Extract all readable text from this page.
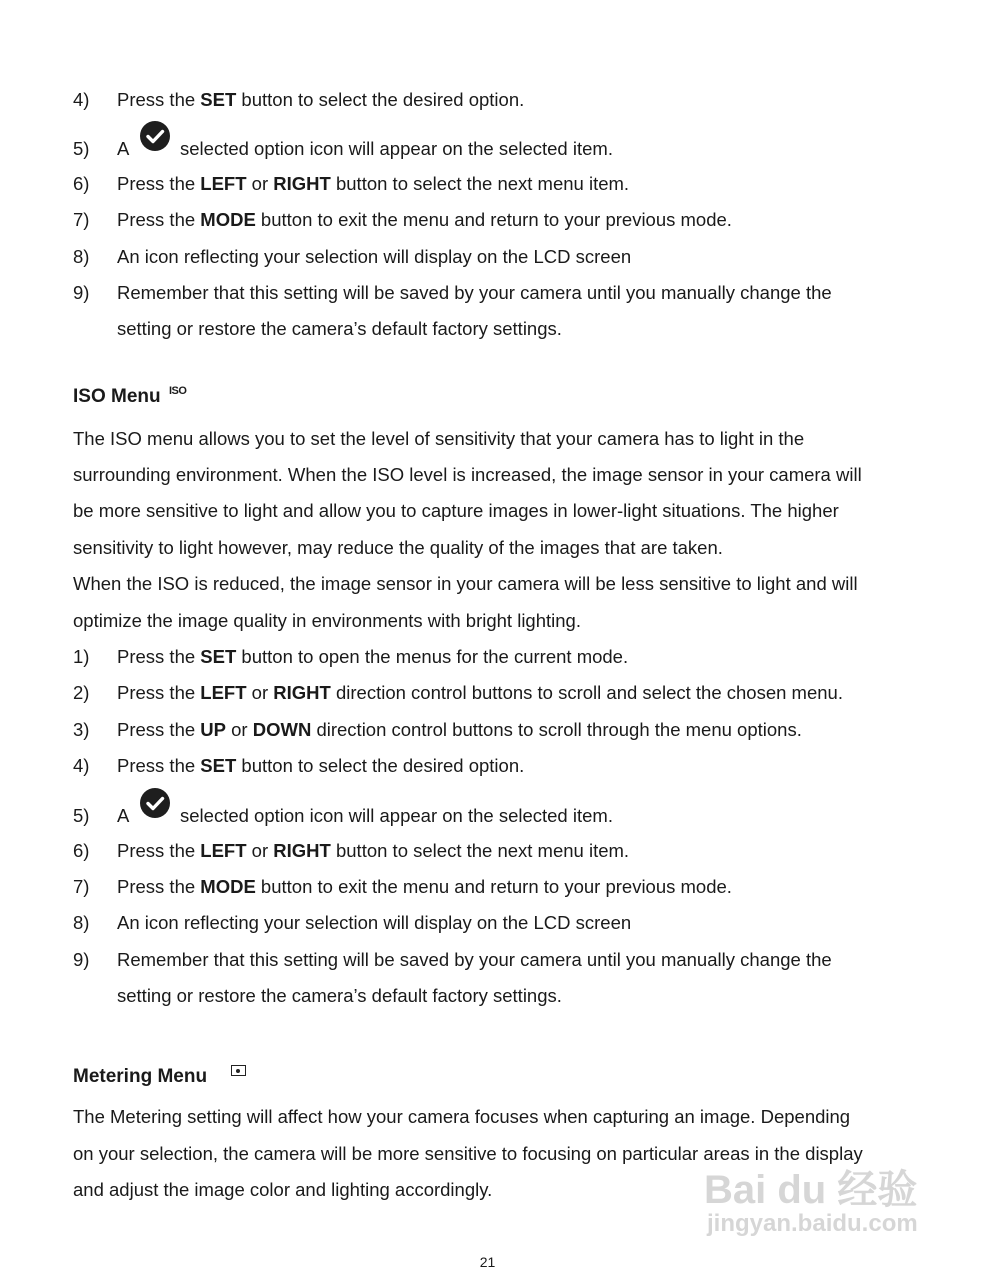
4) Press the SET button to select the desired option.
5) A	selected option icon will appear on the selected item.
6) Press the LEFT or RIGHT button to select the next menu item.
7) Press the MODE button to exit the menu and return to your previous mode.
8) An icon reflecting your selection will display on the LCD screen
9) Remember that this setting will be saved by your camera until you manually change the
setting or restore the camera’s default factory settings.
ISO Menu ISO
The ISO menu allows you to set the level of sensitivity that your camera has to light in the
surrounding environment. When the ISO level is increased, the image sensor in your camera will
be more sensitive to light and allow you to capture images in lower-light situations. The higher
sensitivity to light however, may reduce the quality of the images that are taken.
When the ISO is reduced, the image sensor in your camera will be less sensitive to light and will
optimize the image quality in environments with bright lighting.
1) Press the SET button to open the menus for the current mode.
2) Press the LEFT or RIGHT direction control buttons to scroll and select the chosen menu.
3) Press the UP or DOWN direction control buttons to scroll through the menu options.
4) Press the SET button to select the desired option.
5) A	selected option icon will appear on the selected item.
6) Press the LEFT or RIGHT button to select the next menu item.
7) Press the MODE button to exit the menu and return to your previous mode.
8) An icon reflecting your selection will display on the LCD screen
9) Remember that this setting will be saved by your camera until you manually change the
setting or restore the camera’s default factory settings.
Metering Menu
The Metering setting will affect how your camera focuses when capturing an image. Depending
on your selection, the camera will be more sensitive to focusing on particular areas in the display
and adjust the image color and lighting accordingly.	Bai du 经验
jingyan.baidu.com
21
